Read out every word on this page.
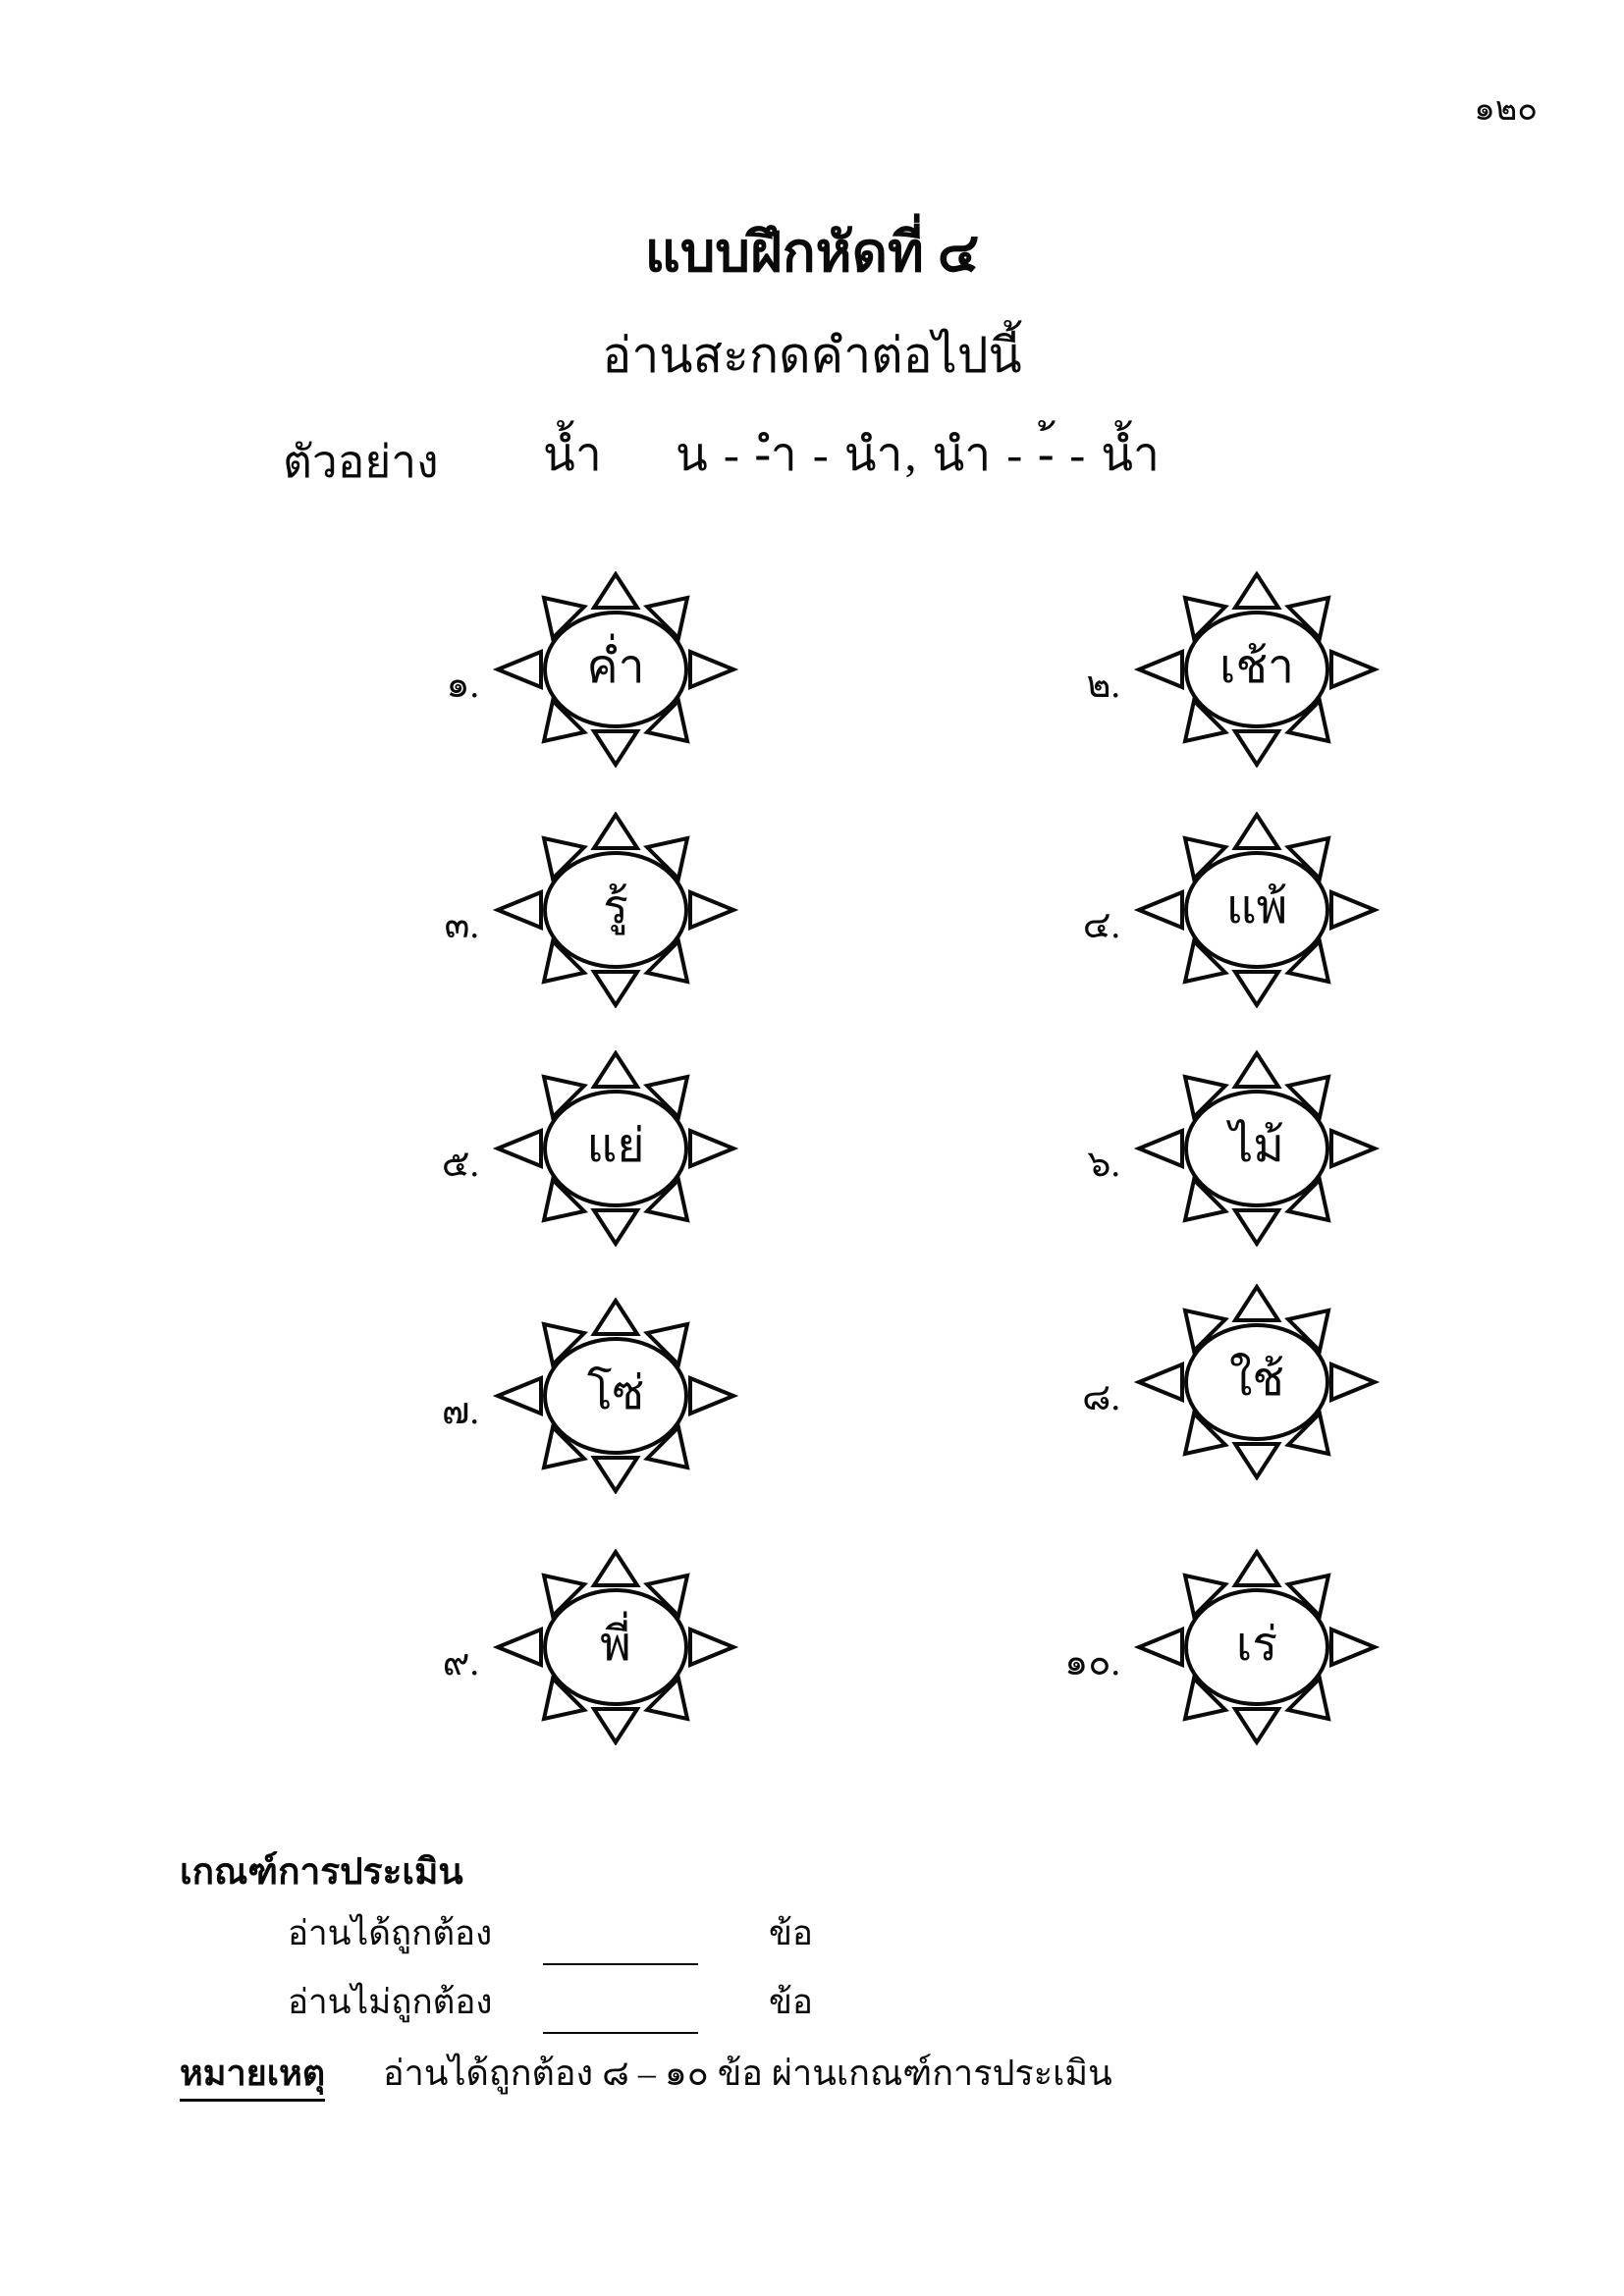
๑๒๐
แบบฝึกหัดที่ ๔
อ่านสะกดคำต่อไปนี้
ตัวอย่าง น้ำ น - -ำ - นำ, นำ - -้ - น้ำ
๑. ค่ำ	๒. เช้า
๓.	รู้	๔. แพ้
๕. แย่	๖. ไม้
๗. โซ่	๘. ใช้
๙.	พี่	๑๐. เร่
เกณฑ์การประเมิน
อ่านได้ถูกต้อง	ข้อ
อ่านไม่ถูกต้อง	ข้อ
หมายเหตุ อ่านได้ถูกต้อง ๘ – ๑๐ ข้อ ผ่านเกณฑ์การประเมิน
